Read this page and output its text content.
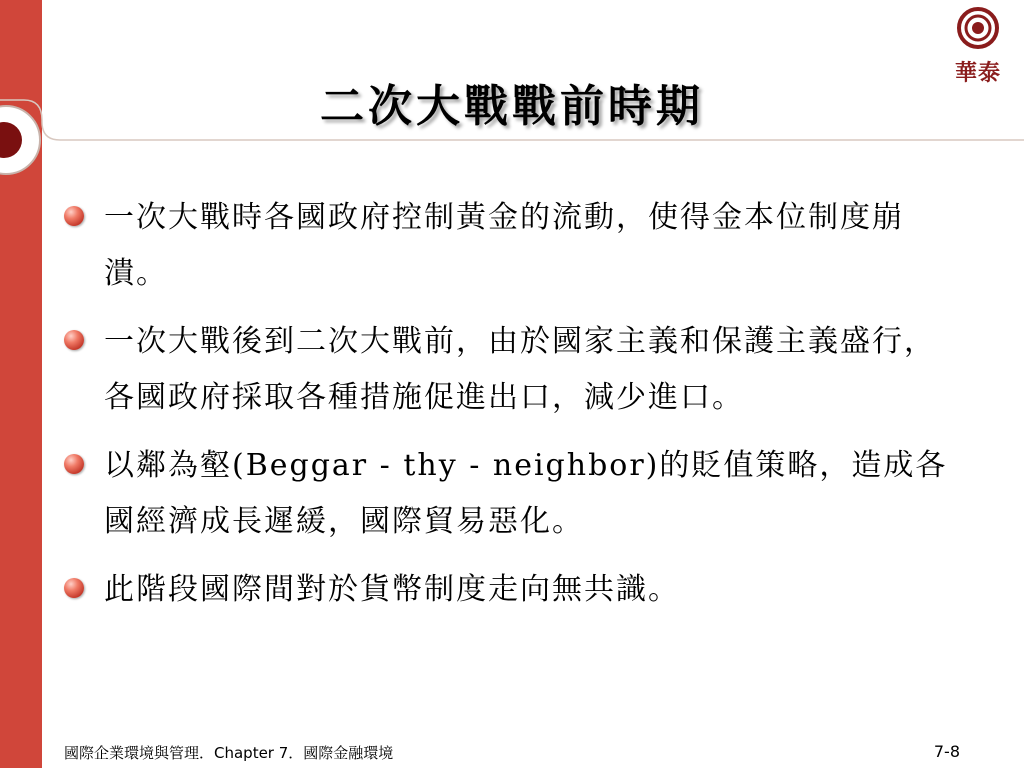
華泰
二次大戰戰前時期
一次大戰時各國政府控制黃金的流動，使得金本位制度崩潰。
一次大戰後到二次大戰前，由於國家主義和保護主義盛行，各國政府採取各種措施促進出口，減少進口。
以鄰為壑(Beggar - thy - neighbor)的貶值策略，造成各國經濟成長遲緩，國際貿易惡化。
此階段國際間對於貨幣制度走向無共識。
國際企業環境與管理．Chapter 7．國際金融環境	7-8
